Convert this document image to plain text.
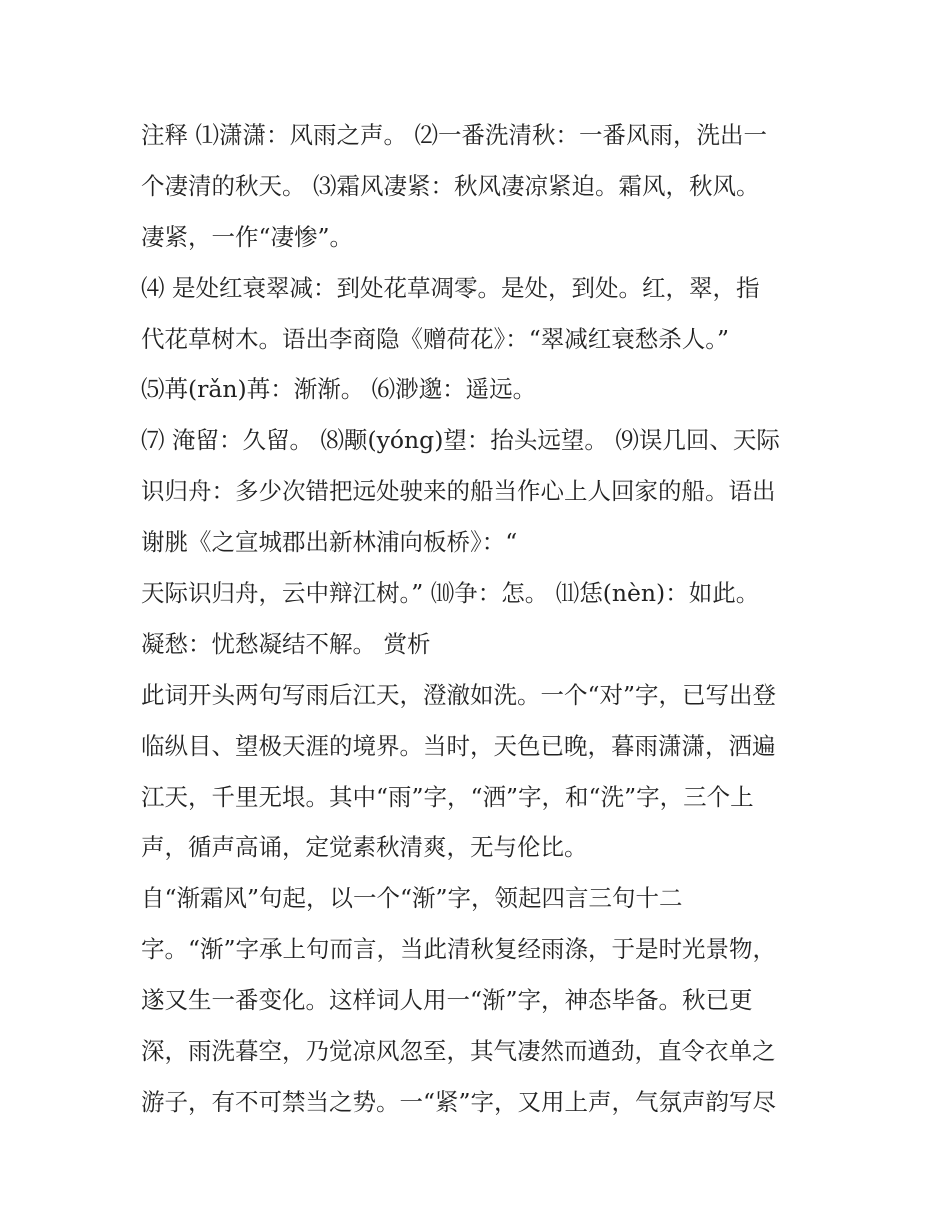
注释 ⑴潇潇：风雨之声。 ⑵一番洗清秋：一番风雨，洗出一
个凄清的秋天。 ⑶霜风凄紧：秋风凄凉紧迫。霜风，秋风。
凄紧，一作“凄惨”。
⑷ 是处红衰翠减：到处花草凋零。是处，到处。红，翠，指
代花草树木。语出李商隐《赠荷花》：“翠减红衰愁杀人。”
⑸苒(rǎn)苒：渐渐。 ⑹渺邈：遥远。
⑺ 淹留：久留。 ⑻颙(yóng)望：抬头远望。 ⑼误几回、天际
识归舟：多少次错把远处驶来的船当作心上人回家的船。语出
谢朓《之宣城郡出新林浦向板桥》：“
天际识归舟，云中辩江树。” ⑽争：怎。 ⑾恁(nèn)：如此。
凝愁：忧愁凝结不解。 赏析
此词开头两句写雨后江天，澄澈如洗。一个“对”字，已写出登
临纵目、望极天涯的境界。当时，天色已晚，暮雨潇潇，洒遍
江天，千里无垠。其中“雨”字，“洒”字，和“洗”字，三个上
声，循声高诵，定觉素秋清爽，无与伦比。
自“渐霜风”句起，以一个“渐”字，领起四言三句十二
字。“渐”字承上句而言，当此清秋复经雨涤，于是时光景物，
遂又生一番变化。这样词人用一“渐”字，神态毕备。秋已更
深，雨洗暮空，乃觉凉风忽至，其气凄然而遒劲，直令衣单之
游子，有不可禁当之势。一“紧”字，又用上声，气氛声韵写尽
